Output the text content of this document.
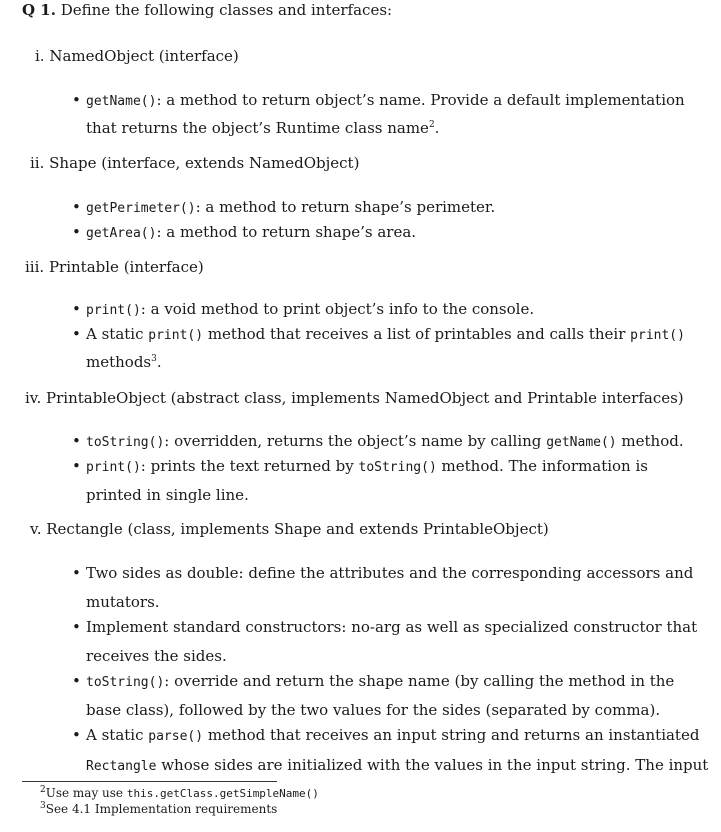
Q 1. Define the following classes and interfaces:
i. NamedObject (interface)
• getName(): a method to return object’s name. Provide a default implementation
that returns the object’s Runtime class name$^2$.
ii. Shape (interface, extends NamedObject)
• getPerimeter(): a method to return shape’s perimeter.
• getArea(): a method to return shape’s area.
iii. Printable (interface)
• print(): a void method to print object’s info to the console.
• A static print() method that receives a list of printables and calls their print()
methods$^3$.
iv. PrintableObject (abstract class, implements NamedObject and Printable interfaces)
• toString(): overridden, returns the object’s name by calling getName() method.
• print(): prints the text returned by toString() method. The information is
printed in single line.
v. Rectangle (class, implements Shape and extends PrintableObject)
• Two sides as double: define the attributes and the corresponding accessors and
mutators.
• Implement standard constructors: no-arg as well as specialized constructor that
receives the sides.
• toString(): override and return the shape name (by calling the method in the
base class), followed by the two values for the sides (separated by comma).
• A static parse() method that receives an input string and returns an instantiated
Rectangle whose sides are initialized with the values in the input string. The input
$^2$Use may use this.getClass.getSimpleName()
$^3$See 4.1 Implementation requirements
